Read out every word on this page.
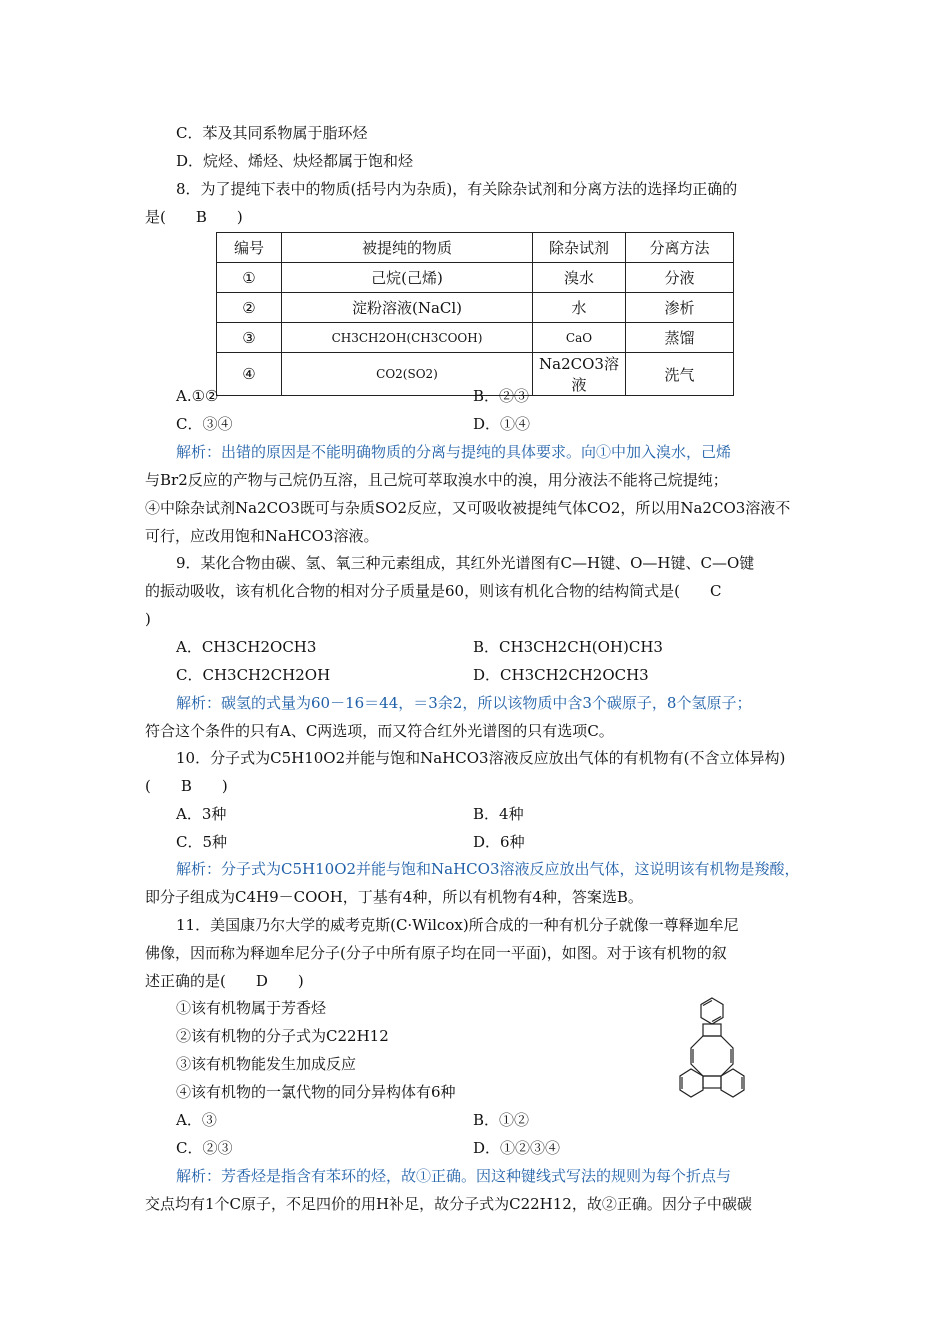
C．苯及其同系物属于脂环烃
D．烷烃、烯烃、炔烃都属于饱和烃
8．为了提纯下表中的物质(括号内为杂质)，有关除杂试剂和分离方法的选择均正确的
是(　　B　　)
编号	被提纯的物质	除杂试剂	分离方法
①	己烷(己烯)	溴水	分液
②	淀粉溶液(NaCl)	水	渗析
③	CH3CH2OH(CH3COOH)	CaO	蒸馏
④	CO2(SO2)	Na2CO3溶液	洗气
A.①②	B．②③
C．③④	D．①④
解析：出错的原因是不能明确物质的分离与提纯的具体要求。向①中加入溴水，己烯
与Br2反应的产物与己烷仍互溶，且己烷可萃取溴水中的溴，用分液法不能将己烷提纯；
④中除杂试剂Na2CO3既可与杂质SO2反应，又可吸收被提纯气体CO2，所以用Na2CO3溶液不
可行，应改用饱和NaHCO3溶液。
9．某化合物由碳、氢、氧三种元素组成，其红外光谱图有C—H键、O—H键、C—O键
的振动吸收，该有机化合物的相对分子质量是60，则该有机化合物的结构简式是(　　C
)
A．CH3CH2OCH3	B．CH3CH2CH(OH)CH3
C．CH3CH2CH2OH	D．CH3CH2CH2OCH3
解析：碳氢的式量为60－16＝44，＝3余2，所以该物质中含3个碳原子，8个氢原子；
符合这个条件的只有A、C两选项，而又符合红外光谱图的只有选项C。
10．分子式为C5H10O2并能与饱和NaHCO3溶液反应放出气体的有机物有(不含立体异构)
(　　B　　)
A．3种	B．4种
C．5种	D．6种
解析：分子式为C5H10O2并能与饱和NaHCO3溶液反应放出气体，这说明该有机物是羧酸，
即分子组成为C4H9－COOH，丁基有4种，所以有机物有4种，答案选B。
11．美国康乃尔大学的威考克斯(C·Wilcox)所合成的一种有机分子就像一尊释迦牟尼
佛像，因而称为释迦牟尼分子(分子中所有原子均在同一平面)，如图。对于该有机物的叙
述正确的是(　　D　　)
①该有机物属于芳香烃
②该有机物的分子式为C22H12
③该有机物能发生加成反应
④该有机物的一氯代物的同分异构体有6种
A．③	B．①②
C．②③	D．①②③④
解析：芳香烃是指含有苯环的烃，故①正确。因这种键线式写法的规则为每个折点与
交点均有1个C原子，不足四价的用H补足，故分子式为C22H12，故②正确。因分子中碳碳
